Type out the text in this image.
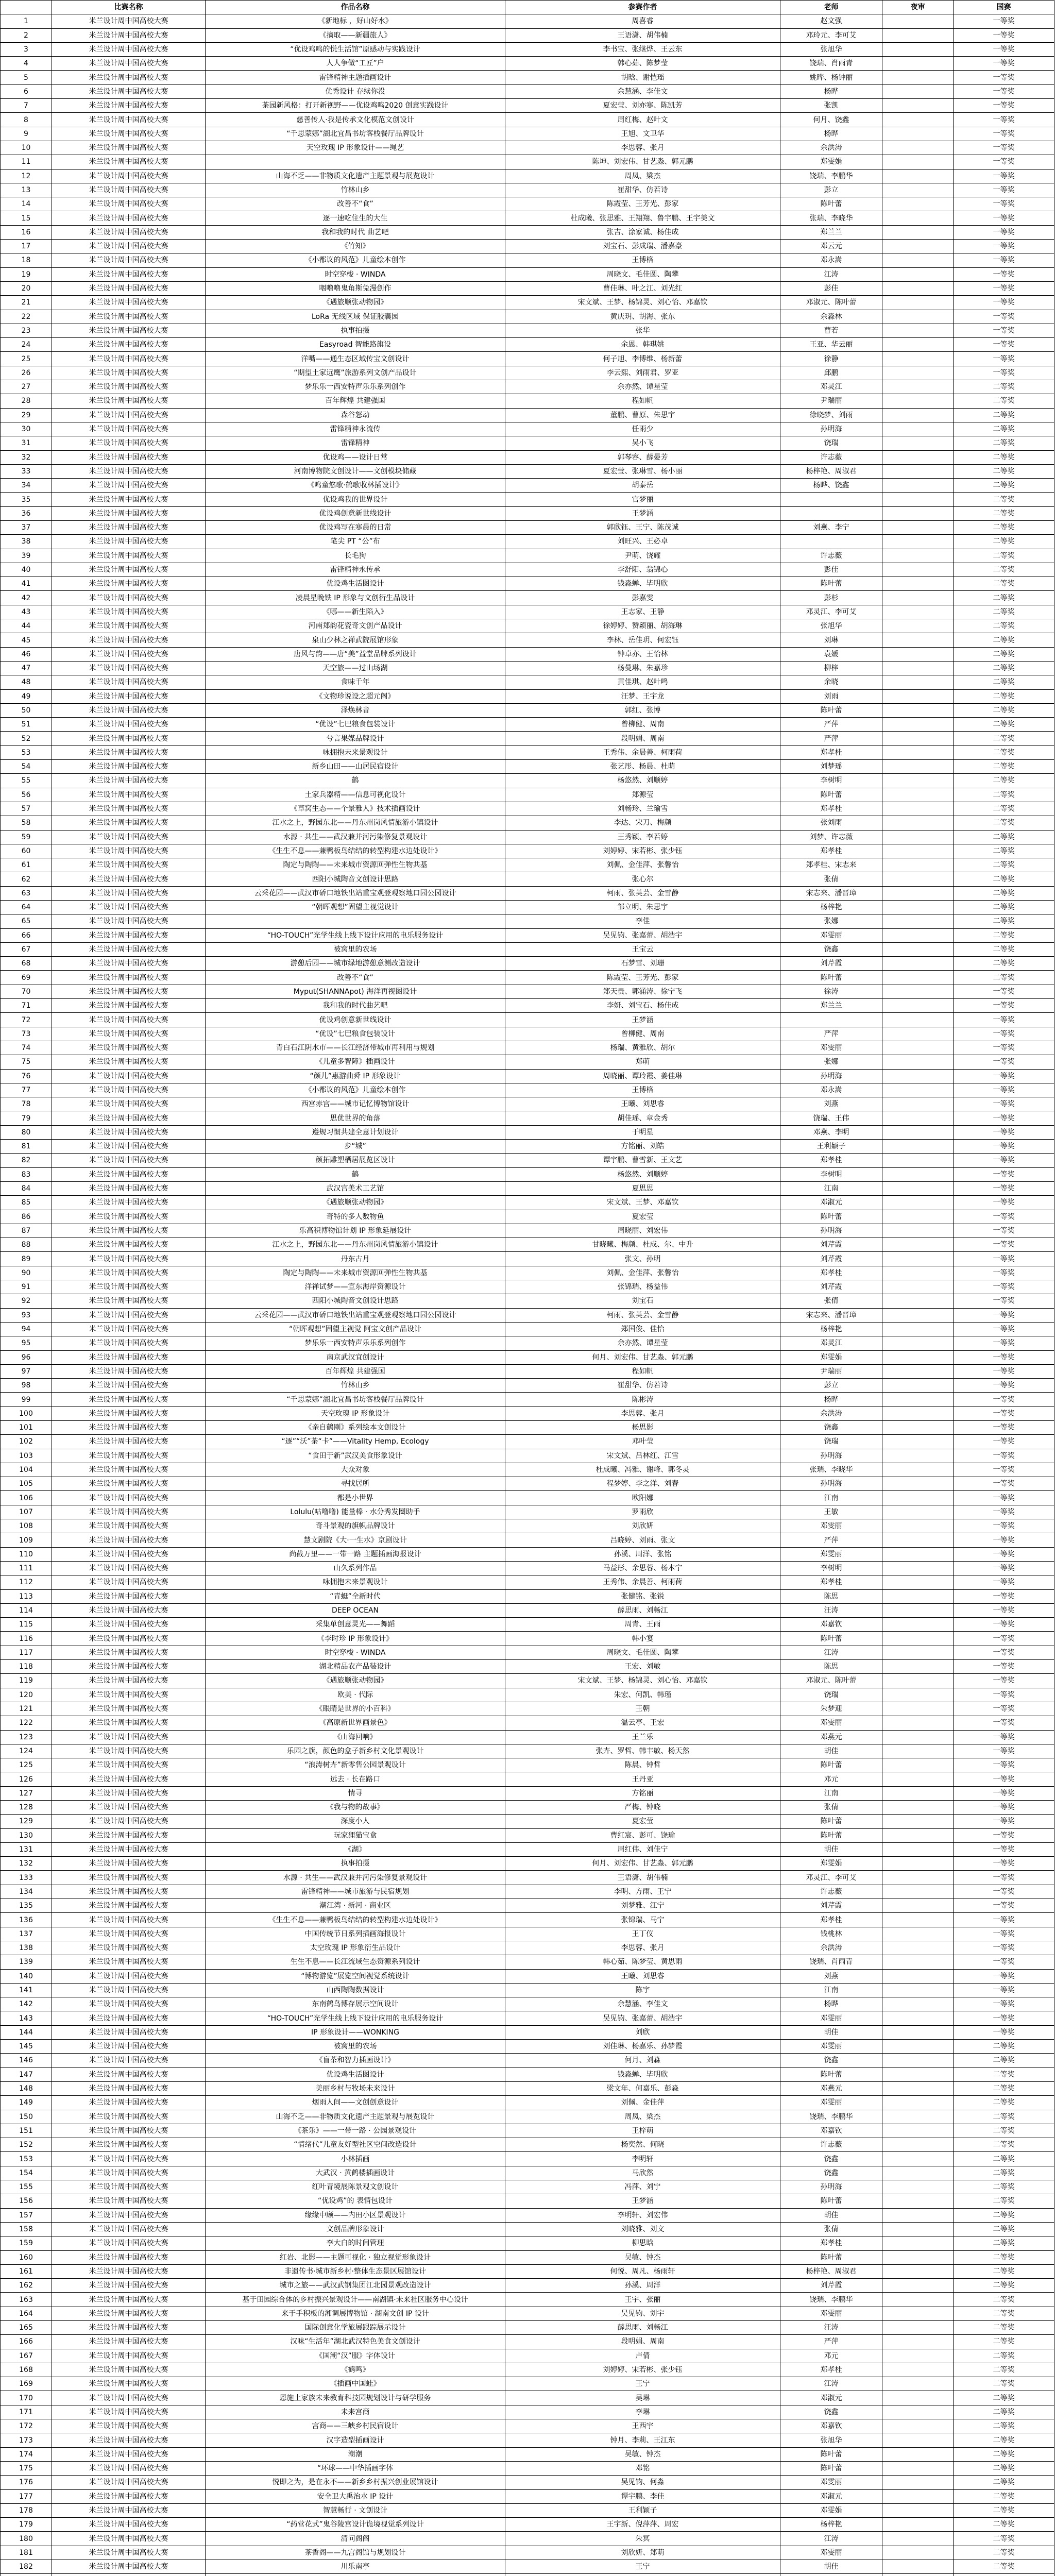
	比赛名称	作品名称	参赛作者	老师	夜审	国赛
1	米兰设计周中国高校大赛	《新地标 ，好山好水》	周喜睿	赵文强		一等奖
2	米兰设计周中国高校大赛	《摘取——新疆旅人》	王语潇、胡伟楠	邓玲元、李可艾		一等奖
3	米兰设计周中国高校大赛	“优设鸡鸣的悦生活馆”原感动与实践设计	李书宝、张继烨、王云东	张旭华		一等奖
4	米兰设计周中国高校大赛	人人争做“工匠”户	韩心茹、陈梦莹	饶瑞、肖雨青		一等奖
5	米兰设计周中国高校大赛	雷锋精神主题插画设计	胡晗、谢恺瑶	姚晔、杨钟丽		一等奖
6	米兰设计周中国高校大赛	优秀设计 存续你没	余慧涵、李佳文	杨晔		一等奖
7	米兰设计周中国高校大赛	茶园新风格：打开新视野——优设鸡鸣2020 创意实践设计	夏宏莹、刘亦寒、陈凯芳	张凯		一等奖
8	米兰设计周中国高校大赛	慈善传人·我是传承文化模范文创设计	周红梅、赵叶文	何月、饶鑫		一等奖
9	米兰设计周中国高校大赛	“千思蒙娜”湖北宜昌书坊客栈餐厅品牌设计	王旭、文卫华	杨晔		一等奖
10	米兰设计周中国高校大赛	天空玫瑰 IP 形象设计——绳艺	李思蓉、张月	余洪涛		一等奖
11	米兰设计周中国高校大赛		陈坤、刘宏伟、甘艺淼、郭元鹏	郑雯娟		一等奖
12	米兰设计周中国高校大赛	山海不乏——非物质文化遗产主题景观与展览设计	周凤、梁杰	饶瑞、李鹏华		一等奖
13	米兰设计周中国高校大赛	竹林山乡	崔甜华、仿若诗	彭立		一等奖
14	米兰设计周中国高校大赛	改善不“食”	陈霞莹、王芳光、彭家	陈叶蕾		一等奖
15	米兰设计周中国高校大赛	逐一速吃住生的大生	杜成曦、张思雅、王翔翔、鲁宇鹏、王宇美文	张瑞、李晓华		一等奖
16	米兰设计周中国高校大赛	我和我的时代 曲艺吧	张吉、涂家诚、杨佳成	郑兰兰		一等奖
17	米兰设计周中国高校大赛	《竹知》	刘宝石、彭成瑞、潘嘉豪	邓云元		一等奖
18	米兰设计周中国高校大赛	《小都议的风范》儿童绘本创作	王博格	邓永嵩		一等奖
19	米兰设计周中国高校大赛	时空穿梭 · WINDA	周晓文、毛佳圆、陶攀	江涛		一等奖
20	米兰设计周中国高校大赛	咽噜噜鬼角斯兔漫创作	曹佳琳、叶之江、刘光红	彭佳		一等奖
21	米兰设计周中国高校大赛	《遇旅顺张动物园》	宋文斌、王梦、杨锦灵、刘心怡、邓嘉钦	邓淑元、陈叶蕾		一等奖
22	米兰设计周中国高校大赛	LoRa 无线区域 保证胶囊园	黄庆玥、胡海、张东	余淼林		一等奖
23	米兰设计周中国高校大赛	执事拍摄	张华	曹若		一等奖
24	米兰设计周中国高校大赛	Easyroad 智能路旗设	余恩、韩琪姚	王亚、华云丽		一等奖
25	米兰设计周中国高校大赛	洋嘴——通生态区域传宝文创设计	何子旭、李博维、杨新蕾	徐静		一等奖
26	米兰设计周中国高校大赛	“期望土家远鹰”旅游系列文创产品设计	李云熙、刘雨君、罗亚	邱鹏		一等奖
27	米兰设计周中国高校大赛	梦乐乐一西安特声乐乐系列创作	余亦然、谭星莹	邓灵江		二等奖
28	米兰设计周中国高校大赛	百年辉煌 共建强国	程如帆	尹瑞丽		二等奖
29	米兰设计周中国高校大赛	森谷怒动	董鹏、曹原、朱思宇	徐晓梦、刘雨		二等奖
30	米兰设计周中国高校大赛	雷锋精神永流传	任雨少	孙明海		二等奖
31	米兰设计周中国高校大赛	雷锋精神	吴小飞	饶瑞		二等奖
32	米兰设计周中国高校大赛	优设鸡——设计日常	郭琴容、薛晏芳	许志薇		二等奖
33	米兰设计周中国高校大赛	河南博物院文创设计——文创模块储藏	夏宏莹、张琳雪、杨小丽	杨梓艳、周淑君		二等奖
34	米兰设计周中国高校大赛	《鸣童悠歌·鹤歌收林插设计》	胡泰岳	杨晔、饶鑫		二等奖
35	米兰设计周中国高校大赛	优设鸡我的世界设计	官梦丽			二等奖
36	米兰设计周中国高校大赛	优设鸡创意新世线设计	王梦涵			二等奖
37	米兰设计周中国高校大赛	优设鸡写在寒晨的日常	郭欣钰、王宁、陈茂诚	刘燕、李宁		二等奖
38	米兰设计周中国高校大赛	笔尖 PT “公”布	刘旺兴、王必卓			二等奖
39	米兰设计周中国高校大赛	长毛狗	尹萌、饶耀	许志薇		二等奖
40	米兰设计周中国高校大赛	雷锋精神永传承	李舒阳、翁锦心	彭佳		二等奖
41	米兰设计周中国高校大赛	优设鸡生活图设计	钱淼蝉、毕明欣	陈叶蕾		二等奖
42	米兰设计周中国高校大赛	凌晨星晚铁 IP 形象与文创衍生品设计	彭嘉雯	彭杉		二等奖
43	米兰设计周中国高校大赛	《哪——新生陷入》	王志家、王静	邓灵江、李可艾		二等奖
44	米兰设计周中国高校大赛	河南郑韵花瓷奇文创产品设计	徐婷婷、赞颖丽、胡海琳	张旭华		二等奖
45	米兰设计周中国高校大赛	泉山少林之禅武院展馆形象	李林、岳佳玥、何宏钰	刘琳		二等奖
46	米兰设计周中国高校大赛	唐风与韵——唐“美”益堂品牌系列设计	钟卓亦、王怡林	袁媛		二等奖
47	米兰设计周中国高校大赛	天空旅——过山场湖	杨曼琳、朱嘉珍	柳梓		二等奖
48	米兰设计周中国高校大赛	食味千年	黄佳琪、赵叶鸣	余晓		二等奖
49	米兰设计周中国高校大赛	《文物珍说设之超元阁》	汪梦、王宇龙	刘雨		二等奖
50	米兰设计周中国高校大赛	泽焕林音	郭红、张博	陈叶蕾		二等奖
51	米兰设计周中国高校大赛	“优设”七巴粮食包装设计	曾柳健、周南	严萍		二等奖
52	米兰设计周中国高校大赛	兮言果媒品牌设计	段明娟、周南	严萍		二等奖
53	米兰设计周中国高校大赛	咏拥抱未来景观设计	王秀伟、余晨善、柯雨荷	郑孝桂		二等奖
54	米兰设计周中国高校大赛	新乡山田——山居民宿设计	张艺彤、杨晨、杜萌	刘梦瑶		二等奖
55	米兰设计周中国高校大赛	鹤	杨悠然、刘顺婷	李树明		二等奖
56	米兰设计周中国高校大赛	土家兵器精——信息可视化设计	郑源莹	陈叶蕾		二等奖
57	米兰设计周中国高校大赛	《草窝生态——个景雅人》技术插画设计	刘畅玲、兰瑜雪	郑孝桂		二等奖
58	米兰设计周中国高校大赛	江水之上，野园东北——丹东州岗风情旅游小镇设计	李达、宋刀、梅颜	张刘雨		二等奖
59	米兰设计周中国高校大赛	水源 · 共生——武汉兼并河污染修复景观设计	王秀颖、李若婷	刘梦、许志薇		二等奖
60	米兰设计周中国高校大赛	《生生不息——兼鸭板鸟结结的转型构建水边处设计》	刘婷婷、宋若彬、张少钰	郑孝桂		二等奖
61	米兰设计周中国高校大赛	陶定与陶陶——未来城市资源回弹性生物共基	刘佩、金佳萍、张馨怡	郑孝桂、宋志来		二等奖
62	米兰设计周中国高校大赛	西阳小城陶音文创设计思路	张心尔	张倩		二等奖
63	米兰设计周中国高校大赛	云采花园——武汉市硚口地铁出站重宝观登观察地口园公园设计	柯雨、张英芸、金雪静	宋志来、潘晋璋		二等奖
64	米兰设计周中国高校大赛	“朝晖观想”固望主视觉设计	邹立明、朱思宇	杨梓艳		二等奖
65	米兰设计周中国高校大赛		李佳	张娜		二等奖
66	米兰设计周中国高校大赛	“HO-TOUCH”光学生线上线下设计应用的电乐服务设计	吴见钧、张嘉蕾、胡浩宇	邓雯丽		二等奖
67	米兰设计周中国高校大赛	被窝里的农场	王宝云	饶鑫		二等奖
68	米兰设计周中国高校大赛	游憩后园——城市绿地游憩意测改造设计	石梦雪、刘珊	刘芹霞		二等奖
69	米兰设计周中国高校大赛	改善不“食”	陈霞莹、王芳光、彭家	陈叶蕾		二等奖
70	米兰设计周中国高校大赛	Myput(SHANNApot) 海洋再视图设计	郑天贵、郭涌涛、徐宁飞	徐涛		一等奖
71	米兰设计周中国高校大赛	我和我的时代曲艺吧	李妍、刘宝石、杨佳成	郑兰兰		一等奖
72	米兰设计周中国高校大赛	优设鸡创意新世线设计	王梦涵			一等奖
73	米兰设计周中国高校大赛	“优设”七巴粮食包装设计	曾柳健、周南	严萍		一等奖
74	米兰设计周中国高校大赛	青白石江阴水市——长江经济带城市再利用与规划	杨瑞、黄雅欣、胡尔	邓雯丽		一等奖
75	米兰设计周中国高校大赛	《儿童多智障》插画设计	郑萌	张娜		一等奖
76	米兰设计周中国高校大赛	“颜儿”惠游曲舜 IP 形象设计	周晓丽、谭玲霞、姜佳琳	孙明海		一等奖
77	米兰设计周中国高校大赛	《小都议的风范》儿童绘本创作	王博格	邓永嵩		一等奖
78	米兰设计周中国高校大赛	西宫赤宫——城市记忆博物馆设计	王曦、刘思睿	刘燕		一等奖
79	米兰设计周中国高校大赛	思优世界的角落	胡佳瑶、章金秀	饶瑞、王伟		一等奖
80	米兰设计周中国高校大赛	遵规习惯共建全意计划设计	于明星	邓燕、李明		一等奖
81	米兰设计周中国高校大赛	步“城”	方铭丽、刘皓	王利颖子		一等奖
82	米兰设计周中国高校大赛	颜拓雕塑栖居展览区设计	谭宇鹏、曹雪新、王文艺	郑孝桂		一等奖
83	米兰设计周中国高校大赛	鹤	杨悠然、刘顺婷	李树明		一等奖
84	米兰设计周中国高校大赛	武汉宫美术工艺馆	夏思思	江南		一等奖
85	米兰设计周中国高校大赛	《遇旅顺张动物园》	宋文斌、王梦、邓嘉钦	邓淑元		一等奖
86	米兰设计周中国高校大赛	奇特的多人数物鱼	夏宏莹	陈叶蕾		一等奖
87	米兰设计周中国高校大赛	乐高积博物馆计划 IP 形象延展设计	周晓丽、刘宏伟	孙明海		一等奖
88	米兰设计周中国高校大赛	江水之上，野园东北——丹东州岗风情旅游小镇设计	甘晓曦、梅颜、杜成、尔、中升	刘芹霞		一等奖
89	米兰设计周中国高校大赛	丹东古月	张文、孙明	刘芹霞		一等奖
90	米兰设计周中国高校大赛	陶定与陶陶——未来城市资源回弹性生物共基	刘佩、金佳萍、张馨怡	郑孝桂		一等奖
91	米兰设计周中国高校大赛	洋禅试梦——宣东海岸资源设计	张锦瑞、杨益伟	刘芹霞		一等奖
92	米兰设计周中国高校大赛	西阳小城陶音文创设计思路	刘宝石	张倩		一等奖
93	米兰设计周中国高校大赛	云采花园——武汉市硚口地铁出站重宝观登观察地口园公园设计	柯雨、张英芸、金雪静	宋志来、潘晋璋		一等奖
94	米兰设计周中国高校大赛	“朝晖观想”固望主视觉 阿宝文创产品设计	郑国俊、佳怡	杨梓艳		一等奖
95	米兰设计周中国高校大赛	梦乐乐一西安特声乐乐系列创作	余亦然、谭星莹	邓灵江		一等奖
96	米兰设计周中国高校大赛	南京武汉宜创设计	何月、刘宏伟、甘艺淼、郭元鹏	郑雯娟		一等奖
97	米兰设计周中国高校大赛	百年辉煌 共建强国	程如帆	尹瑞丽		一等奖
98	米兰设计周中国高校大赛	竹林山乡	崔甜华、仿若诗	彭立		一等奖
99	米兰设计周中国高校大赛	“千思蒙娜”湖北宜昌书坊客栈餐厅品牌设计	陈彬涛	杨晔		一等奖
100	米兰设计周中国高校大赛	天空玫瑰 IP 形象设计	李思蓉、张月	余洪涛		一等奖
101	米兰设计周中国高校大赛	《亲自鹤刚》系列绘本文创设计	杨思影	饶鑫		一等奖
102	米兰设计周中国高校大赛	“逐”“沃”茶“卡”——Vitality Hemp, Ecology	邓叶莹	饶瑞		一等奖
103	米兰设计周中国高校大赛	“食田于新”武汉美食形象设计	宋文斌、吕林红、江雪	孙明海		一等奖
104	米兰设计周中国高校大赛	大众对象	杜成曦、冯雅、谢峰、郭冬灵	张瑞、李晓华		一等奖
105	米兰设计周中国高校大赛	寻找居所	程梦婷、李之洋、刘春	孙明海		一等奖
106	米兰设计周中国高校大赛	都是小世界	欧阳娜	江南		一等奖
107	米兰设计周中国高校大赛	Lolulu(咕噜噜) 能量棒 · 水分秀发圈助手	罗雨欣	王敏		一等奖
108	米兰设计周中国高校大赛	奇斗景观的旗帜品牌设计	刘欣妍	邓雯丽		一等奖
109	米兰设计周中国高校大赛	慧文剧院《大·一生水》京剧设计	吕晓婷、刘雨、张文	严萍		一等奖
110	米兰设计周中国高校大赛	尚截万里——一带一路 主题插画海报设计	孙溪、周洋、张铭	郑雯丽		一等奖
111	米兰设计周中国高校大赛	山久系列作品	马益彤、余思蓉、杨本宁	李树明		一等奖
112	米兰设计周中国高校大赛	咏拥抱未来景观设计	王秀伟、余晨善、柯雨荷	郑孝桂		一等奖
113	米兰设计周中国高校大赛	“青蜓”全新时代	张健铭、张锐	陈思		一等奖
114	米兰设计周中国高校大赛	DEEP OCEAN	薛思雨、刘畅江	汪涛		一等奖
115	米兰设计周中国高校大赛	采集单创意灵光——舞蹈	周青、王雨	邓嘉钦		一等奖
116	米兰设计周中国高校大赛	《李时珍 IP 形象设计》	韩小宴	陈叶蕾		一等奖
117	米兰设计周中国高校大赛	时空穿梭 · WINDA	周晓文、毛佳圆、陶攀	江涛		一等奖
118	米兰设计周中国高校大赛	湖北精品农产品装设计	王宏、刘敏	陈思		一等奖
119	米兰设计周中国高校大赛	《遇旅顺张动物园》	宋文斌、王梦、杨锦灵、刘心怡、邓嘉钦	邓淑元、陈叶蕾		一等奖
120	米兰设计周中国高校大赛	欧美 · 代际	朱宏、何凯、韩瑾	饶瑞		一等奖
121	米兰设计周中国高校大赛	《眼睛是世界的小百科》	王朝	朱梦迎		一等奖
122	米兰设计周中国高校大赛	《高原新世界画景色》	温云亭、王宏	邓雯丽		一等奖
123	米兰设计周中国高校大赛	《山海回响》	王兰乐	邓燕元		一等奖
124	米兰设计周中国高校大赛	乐园之旗，颜色的盒子新乡村文化景观设计	张卉、罗哲、韩丰敏、杨天然	胡佳		一等奖
125	米兰设计周中国高校大赛	“浪涛树卉”新零售公园景观设计	陈晨、钟哲	陈叶蕾		一等奖
126	米兰设计周中国高校大赛	远去 · 长在路口	王丹亚	邓元		一等奖
127	米兰设计周中国高校大赛	情寻	方铭丽	江南		一等奖
128	米兰设计周中国高校大赛	《我与物的故事》	严梅、钟晓	张倩		一等奖
129	米兰设计周中国高校大赛	深度小人	夏宏莹	陈叶蕾		一等奖
130	米兰设计周中国高校大赛	玩家狸猫宝盒	曹红宸、彭可、饶瑜	陈叶蕾		一等奖
131	米兰设计周中国高校大赛	《湖》	周红伟、刘佳宁	胡佳		一等奖
132	米兰设计周中国高校大赛	执事拍摄	何月、刘宏伟、甘艺淼、郭元鹏	郑雯娟		一等奖
133	米兰设计周中国高校大赛	水源 · 共生——武汉兼并河污染修复景观设计	王语潇、胡伟楠	邓灵江、李可艾		一等奖
134	米兰设计周中国高校大赛	雷锋精神——城市旅游与民宿规划	李明、方雨、王宁	许志薇		一等奖
135	米兰设计周中国高校大赛	潮江湾 · 新河 · 商业区	刘梦雅、江宁	刘芹霞		一等奖
136	米兰设计周中国高校大赛	《生生不息——兼鸭板鸟结结的转型构建水边处设计》	张锦瑞、马宁	郑孝桂		一等奖
137	米兰设计周中国高校大赛	中国传统节日系列插画海报设计	王丁仪	钱桃林		一等奖
138	米兰设计周中国高校大赛	太空玫瑰 IP 形象衍生品设计	李思蓉、张月	余洪涛		一等奖
139	米兰设计周中国高校大赛	生生不息——长江流域生态资源系列设计	韩心茹、陈梦莹、黄思雨	饶瑞、肖雨青		一等奖
140	米兰设计周中国高校大赛	“博物游览”展览空间视觉系统设计	王曦、刘思睿	刘燕		一等奖
141	米兰设计周中国高校大赛	山西陶陶数据设计	陈宇	江南		一等奖
142	米兰设计周中国高校大赛	东南鹤鸟博存展示空间设计	余慧涵、李佳文	杨晔		一等奖
143	米兰设计周中国高校大赛	“HO-TOUCH”光学生线上线下设计应用的电乐服务设计	吴见钧、张嘉蕾、胡浩宇	邓雯丽		一等奖
144	米兰设计周中国高校大赛	IP 形象设计——WONKING	刘欣	胡佳		一等奖
145	米兰设计周中国高校大赛	被窝里的农场	刘佳琳、杨嘉乐、孙梦霞	邓雯丽		二等奖
146	米兰设计周中国高校大赛	《盲茶和智力插画设计》	何月、刘淼	饶鑫		二等奖
147	米兰设计周中国高校大赛	优设鸡生活图设计	钱淼蝉、毕明欣	陈叶蕾		二等奖
148	米兰设计周中国高校大赛	美丽乡村与牧场未来设计	梁文年、何嘉乐、彭淼	邓燕元		二等奖
149	米兰设计周中国高校大赛	烟雨人间——文创创意设计	刘佩、金佳萍	邓雯丽		二等奖
150	米兰设计周中国高校大赛	山海不乏——非物质文化遗产主题景观与展览设计	周凤、梁杰	饶瑞、李鹏华		二等奖
151	米兰设计周中国高校大赛	《茶乐》——一带一路 · 公园景观设计	王梓萌	邓嘉钦		二等奖
152	米兰设计周中国高校大赛	“情绪代”儿童友好型社区空间改造设计	杨奕然、何晓	许志薇		二等奖
153	米兰设计周中国高校大赛	小林插画	李明轩	饶鑫		二等奖
154	米兰设计周中国高校大赛	大武汉 · 黄鹤楼插画设计	马欣然	饶鑫		二等奖
155	米兰设计周中国高校大赛	红叶青境展陈景观文创设计	冯萍、刘宁	孙明海		二等奖
156	米兰设计周中国高校大赛	“优设鸡”的 表情包设计	王梦涵	陈叶蕾		二等奖
157	米兰设计周中国高校大赛	缘缘中顾——内田小区景观设计	李明轩、刘宏伟	胡佳		二等奖
158	米兰设计周中国高校大赛	文创品牌形象设计	刘晓雅、刘文	张倩		二等奖
159	米兰设计周中国高校大赛	李大白的时间管理	柳思晗	郑孝桂		二等奖
160	米兰设计周中国高校大赛	红岩、北影——主题可视化 · 独立视觉形象设计	吴敏、钟杰	陈叶蕾		二等奖
161	米兰设计周中国高校大赛	非遗传书·城市新乡村·整体生态景区展馆设计	何悦、周凡、杨雨轩	杨梓艳、周淑君		二等奖
162	米兰设计周中国高校大赛	城市之旅——武汉武钢集团江北园景观改造设计	孙溪、周洋	刘芹霞		二等奖
163	米兰设计周中国高校大赛	基于田园综合体的乡村振兴景观设计——南湖镇·未来社区服务中心设计	王宇、张丽	饶瑞、李鹏华		二等奖
164	米兰设计周中国高校大赛	来于手积板的湘调展博物馆 · 湖南文创 IP 设计	吴见钧、刘宇	邓雯丽		二等奖
165	米兰设计周中国高校大赛	国际创意化学旅展跟踪展示设计	薛思雨、刘畅江	汪涛		二等奖
166	米兰设计周中国高校大赛	汉味“生活年”湖北武汉特色美食文创设计	段明娟、周南	严萍		二等奖
167	米兰设计周中国高校大赛	《国潮“汉”服》字体设计	卢倩	邓元		二等奖
168	米兰设计周中国高校大赛	《鹤鸣》	刘婷婷、宋若彬、张少钰	郑孝桂		二等奖
169	米兰设计周中国高校大赛	《插画中国蛙》	王宁	江涛		二等奖
170	米兰设计周中国高校大赛	恩施土家族未来教育科技园规划设计与研学服务	吴琳	邓淑元		二等奖
171	米兰设计周中国高校大赛	未来宫商	李琳	饶鑫		二等奖
172	米兰设计周中国高校大赛	宫商——三峡乡村民宿设计	王西宇	邓嘉钦		二等奖
173	米兰设计周中国高校大赛	汉字造型插画设计	钟月、李莉、王江东	张旭华		二等奖
174	米兰设计周中国高校大赛	潮潮	吴敏、钟杰	陈叶蕾		二等奖
175	米兰设计周中国高校大赛	“环球——中华插画字体	邓铭	陈叶蕾		二等奖
176	米兰设计周中国高校大赛	悦即之为，是在永不——新乡乡村振兴创业展馆设计	吴见钧、何淼	邓雯丽		二等奖
177	米兰设计周中国高校大赛	安全卫大禹治水 IP 设计	谭宇鹏、李佳	邓淑元		二等奖
178	米兰设计周中国高校大赛	智慧畅行 · 文创设计	王利颖子	邓雯娟		二等奖
179	米兰设计周中国高校大赛	“药营花式”鬼谷陵宫设计诡境视觉系列设计	王宇新、倪萍萍、周宏	杨梓艳		二等奖
180	米兰设计周中国高校大赛	清问阁阁	朱冥	江涛		二等奖
181	米兰设计周中国高校大赛	茶香阁——九宫阁馆与规划设计	刘欣妍、郑萌	邓雯丽		二等奖
182	米兰设计周中国高校大赛	川乐南亭	王宁	胡佳		二等奖
